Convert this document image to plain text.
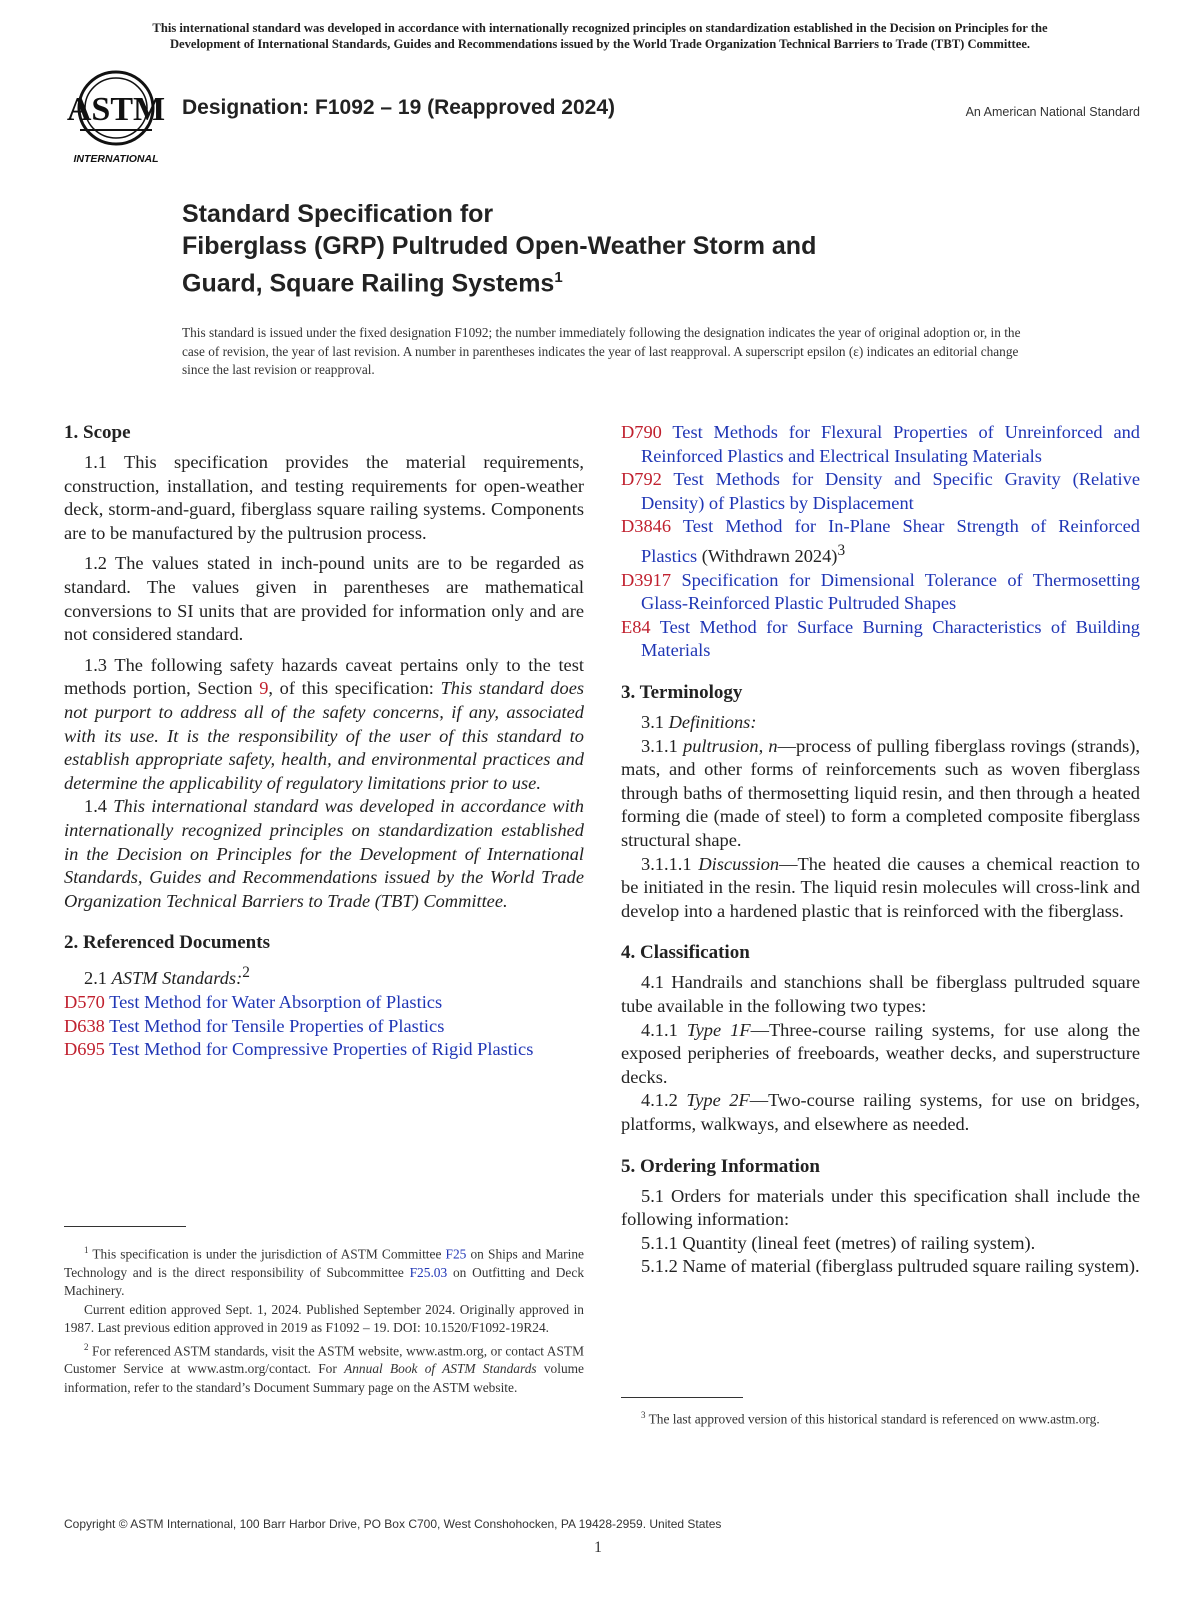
This international standard was developed in accordance with internationally recognized principles on standardization established in the Decision on Principles for the
Development of International Standards, Guides and Recommendations issued by the World Trade Organization Technical Barriers to Trade (TBT) Committee.
ASTM
INTERNATIONAL
Designation: F1092 – 19 (Reapproved 2024)	An American National Standard
Standard Specification for
Fiberglass (GRP) Pultruded Open-Weather Storm and
Guard, Square Railing Systems$^1$
This standard is issued under the fixed designation F1092; the number immediately following the designation indicates the year of original adoption or, in the case of revision, the year of last revision. A number in parentheses indicates the year of last reapproval. A superscript epsilon (ε) indicates an editorial change since the last revision or reapproval.
1. Scope

1.1 This specification provides the material requirements, construction, installation, and testing requirements for open-weather deck, storm-and-guard, fiberglass square railing systems. Components are to be manufactured by the pultrusion process.

1.2 The values stated in inch-pound units are to be regarded as standard. The values given in parentheses are mathematical conversions to SI units that are provided for information only and are not considered standard.

1.3 The following safety hazards caveat pertains only to the test methods portion, Section 9, of this specification: This standard does not purport to address all of the safety concerns, if any, associated with its use. It is the responsibility of the user of this standard to establish appropriate safety, health, and environmental practices and determine the applicability of regulatory limitations prior to use.

1.4 This international standard was developed in accordance with internationally recognized principles on standardization established in the Decision on Principles for the Development of International Standards, Guides and Recommendations issued by the World Trade Organization Technical Barriers to Trade (TBT) Committee.

2. Referenced Documents

2.1 ASTM Standards:$^2$

D570 Test Method for Water Absorption of Plastics

D638 Test Method for Tensile Properties of Plastics

D695 Test Method for Compressive Properties of Rigid Plastics

$^1$ This specification is under the jurisdiction of ASTM Committee F25 on Ships and Marine Technology and is the direct responsibility of Subcommittee F25.03 on Outfitting and Deck Machinery.

Current edition approved Sept. 1, 2024. Published September 2024. Originally approved in 1987. Last previous edition approved in 2019 as F1092 – 19. DOI: 10.1520/F1092-19R24.

$^2$ For referenced ASTM standards, visit the ASTM website, www.astm.org, or contact ASTM Customer Service at www.astm.org/contact. For Annual Book of ASTM Standards volume information, refer to the standard’s Document Summary page on the ASTM website.

D790 Test Methods for Flexural Properties of Unreinforced and Reinforced Plastics and Electrical Insulating Materials

D792 Test Methods for Density and Specific Gravity (Relative Density) of Plastics by Displacement

D3846 Test Method for In-Plane Shear Strength of Reinforced Plastics (Withdrawn 2024)$^3$

D3917 Specification for Dimensional Tolerance of Thermosetting Glass-Reinforced Plastic Pultruded Shapes

E84 Test Method for Surface Burning Characteristics of Building Materials

3. Terminology

3.1 Definitions:

3.1.1 pultrusion, n—process of pulling fiberglass rovings (strands), mats, and other forms of reinforcements such as woven fiberglass through baths of thermosetting liquid resin, and then through a heated forming die (made of steel) to form a completed composite fiberglass structural shape.

3.1.1.1 Discussion—The heated die causes a chemical reaction to be initiated in the resin. The liquid resin molecules will cross-link and develop into a hardened plastic that is reinforced with the fiberglass.

4. Classification

4.1 Handrails and stanchions shall be fiberglass pultruded square tube available in the following two types:

4.1.1 Type 1F—Three-course railing systems, for use along the exposed peripheries of freeboards, weather decks, and superstructure decks.

4.1.2 Type 2F—Two-course railing systems, for use on bridges, platforms, walkways, and elsewhere as needed.

5. Ordering Information

5.1 Orders for materials under this specification shall include the following information:

5.1.1 Quantity (lineal feet (metres) of railing system).

5.1.2 Name of material (fiberglass pultruded square railing system).

$^3$ The last approved version of this historical standard is referenced on www.astm.org.

Copyright © ASTM International, 100 Barr Harbor Drive, PO Box C700, West Conshohocken, PA 19428-2959. United States
1
